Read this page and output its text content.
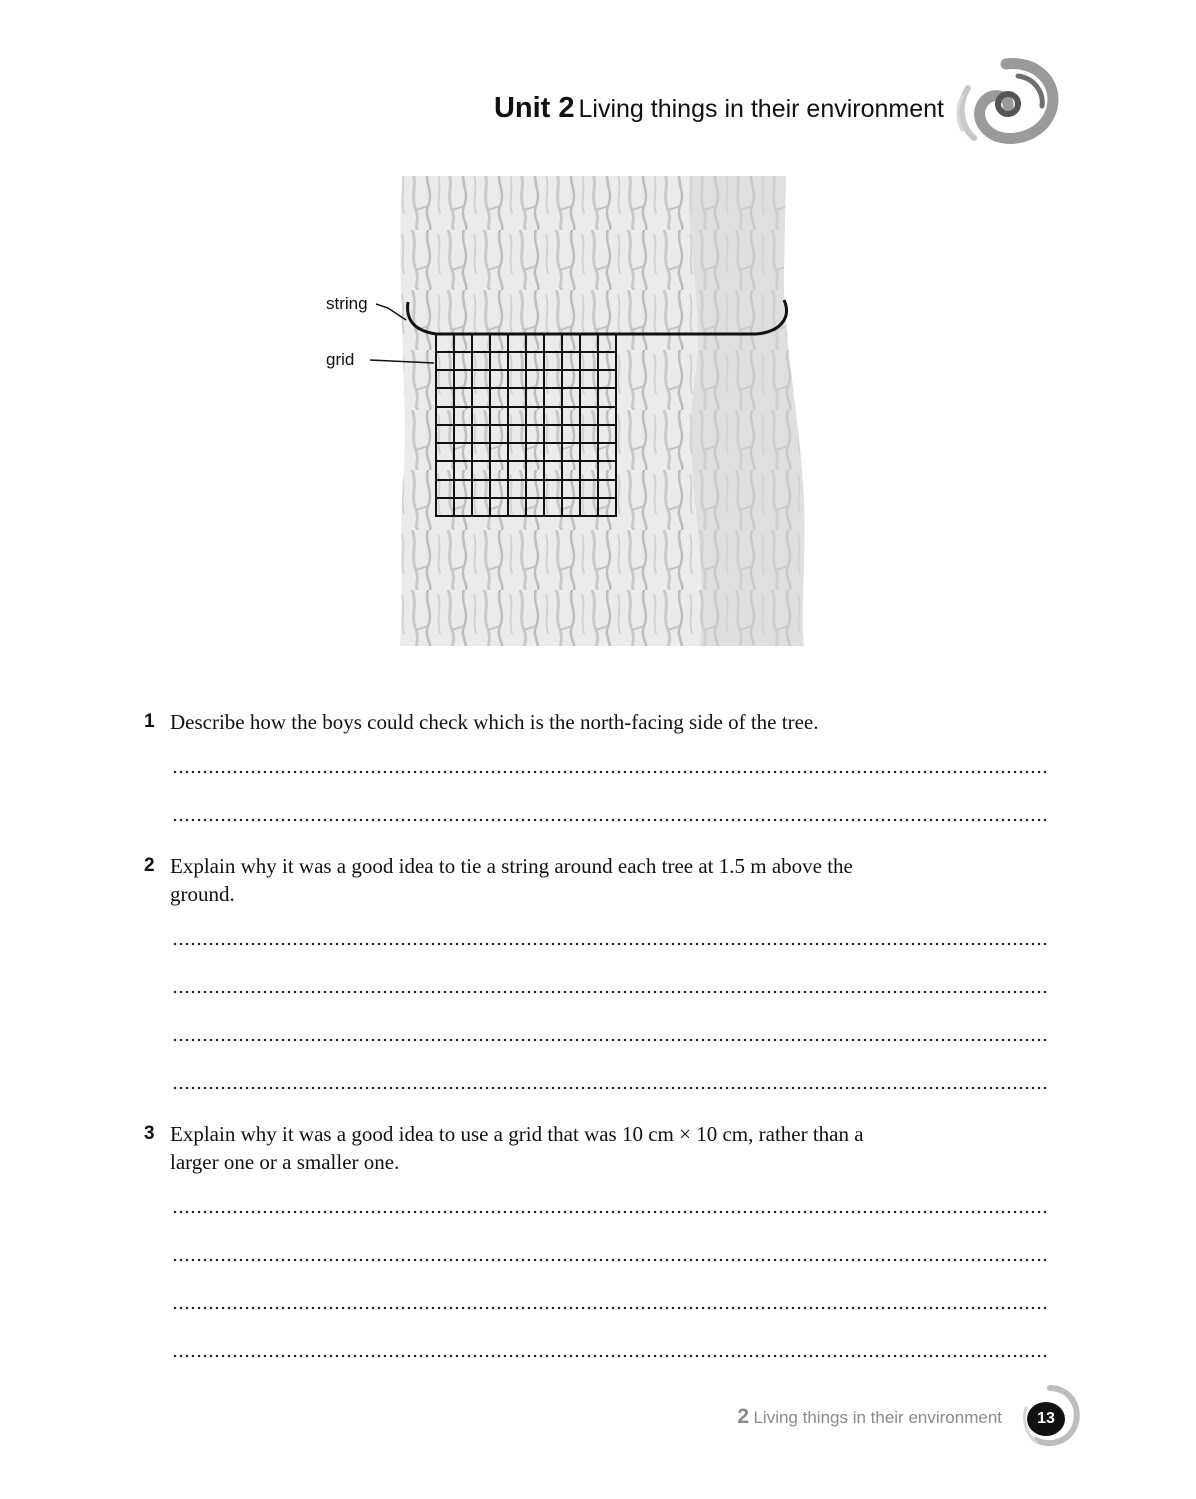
Unit 2 Living things in their environment
string
grid
1 Describe how the boys could check which is the north-facing side of the tree.
2 Explain why it was a good idea to tie a string around each tree at 1.5 m above the ground.
3 Explain why it was a good idea to use a grid that was 10 cm × 10 cm, rather than a larger one or a smaller one.
2 Living things in their environment	13
